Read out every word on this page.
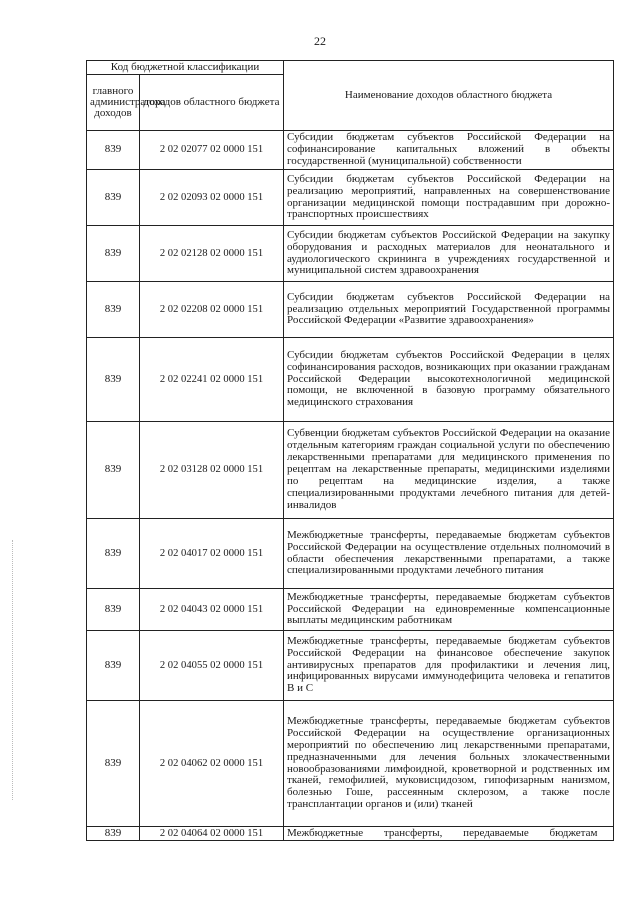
22
Код бюджетной классификации		Наименование доходов областного бюджета
главного администратора доходов	доходов областного бюджета	
839	2 02 02077 02 0000 151	Субсидии бюджетам субъектов Российской Федерации на софинансирование капитальных вложений в объекты государственной (муниципальной) собственности
839	2 02 02093 02 0000 151	Субсидии бюджетам субъектов Российской Федерации на реализацию мероприятий, направленных на совершенствование организации медицинской помощи пострадавшим при дорожно-транспортных происшествиях
839	2 02 02128 02 0000 151	Субсидии бюджетам субъектов Российской Федерации на закупку оборудования и расходных материалов для неонатального и аудиологического скрининга в учреждениях государственной и муниципальной систем здравоохранения
839	2 02 02208 02 0000 151	Субсидии бюджетам субъектов Российской Федерации на реализацию отдельных мероприятий Государственной программы Российской Федерации «Развитие здравоохранения»
839	2 02 02241 02 0000 151	Субсидии бюджетам субъектов Российской Федерации в целях софинансирования расходов, возникающих при оказании гражданам Российской Федерации высокотехнологичной медицинской помощи, не включенной в базовую программу обязательного медицинского страхования
839	2 02 03128 02 0000 151	Субвенции бюджетам субъектов Российской Федерации на оказание отдельным категориям граждан социальной услуги по обеспечению лекарственными препаратами для медицинского применения по рецептам на лекарственные препараты, медицинскими изделиями по рецептам на медицинские изделия, а также специализированными продуктами лечебного питания для детей-инвалидов
839	2 02 04017 02 0000 151	Межбюджетные трансферты, передаваемые бюджетам субъектов Российской Федерации на осуществление отдельных полномочий в области обеспечения лекарственными препаратами, а также специализированными продуктами лечебного питания
839	2 02 04043 02 0000 151	Межбюджетные трансферты, передаваемые бюджетам субъектов Российской Федерации на единовременные компенсационные выплаты медицинским работникам
839	2 02 04055 02 0000 151	Межбюджетные трансферты, передаваемые бюджетам субъектов Российской Федерации на финансовое обеспечение закупок антивирусных препаратов для профилактики и лечения лиц, инфицированных вирусами иммунодефицита человека и гепатитов В и С
839	2 02 04062 02 0000 151	Межбюджетные трансферты, передаваемые бюджетам субъектов Российской Федерации на осуществление организационных мероприятий по обеспечению лиц лекарственными препаратами, предназначенными для лечения больных злокачественными новообразованиями лимфоидной, кроветворной и родственных им тканей, гемофилией, муковисцидозом, гипофизарным нанизмом, болезнью Гоше, рассеянным склерозом, а также после трансплантации органов и (или) тканей
839	2 02 04064 02 0000 151	Межбюджетные трансферты, передаваемые бюджетам
